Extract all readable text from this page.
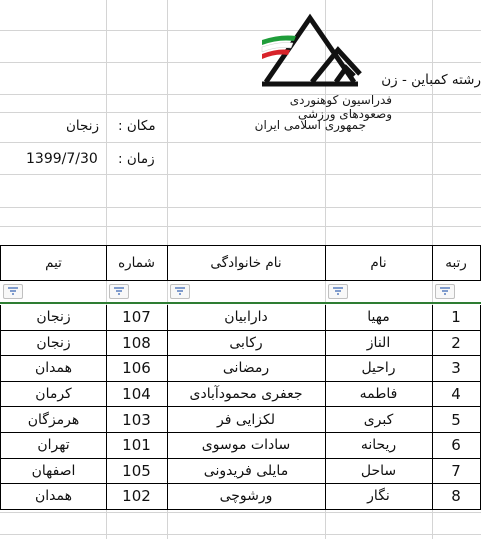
فدراسیون کوهنوردی وصعودهای ورزشی
جمهوری اسلامی ایران
رشته کمباین - زن
مکان :
زنجان
زمان :
1399/7/30
تیم	شماره	نام خانوادگی	نام	رتبه
زنجان	107	دارابیان	مهیا	1
زنجان	108	رکابی	الناز	2
همدان	106	رمضانی	راحیل	3
کرمان	104	جعفری محمودآبادی	فاطمه	4
هرمزگان	103	لکزایی فر	کبری	5
تهران	101	سادات موسوی	ریحانه	6
اصفهان	105	مایلی فریدونی	ساحل	7
همدان	102	ورشوچی	نگار	8
